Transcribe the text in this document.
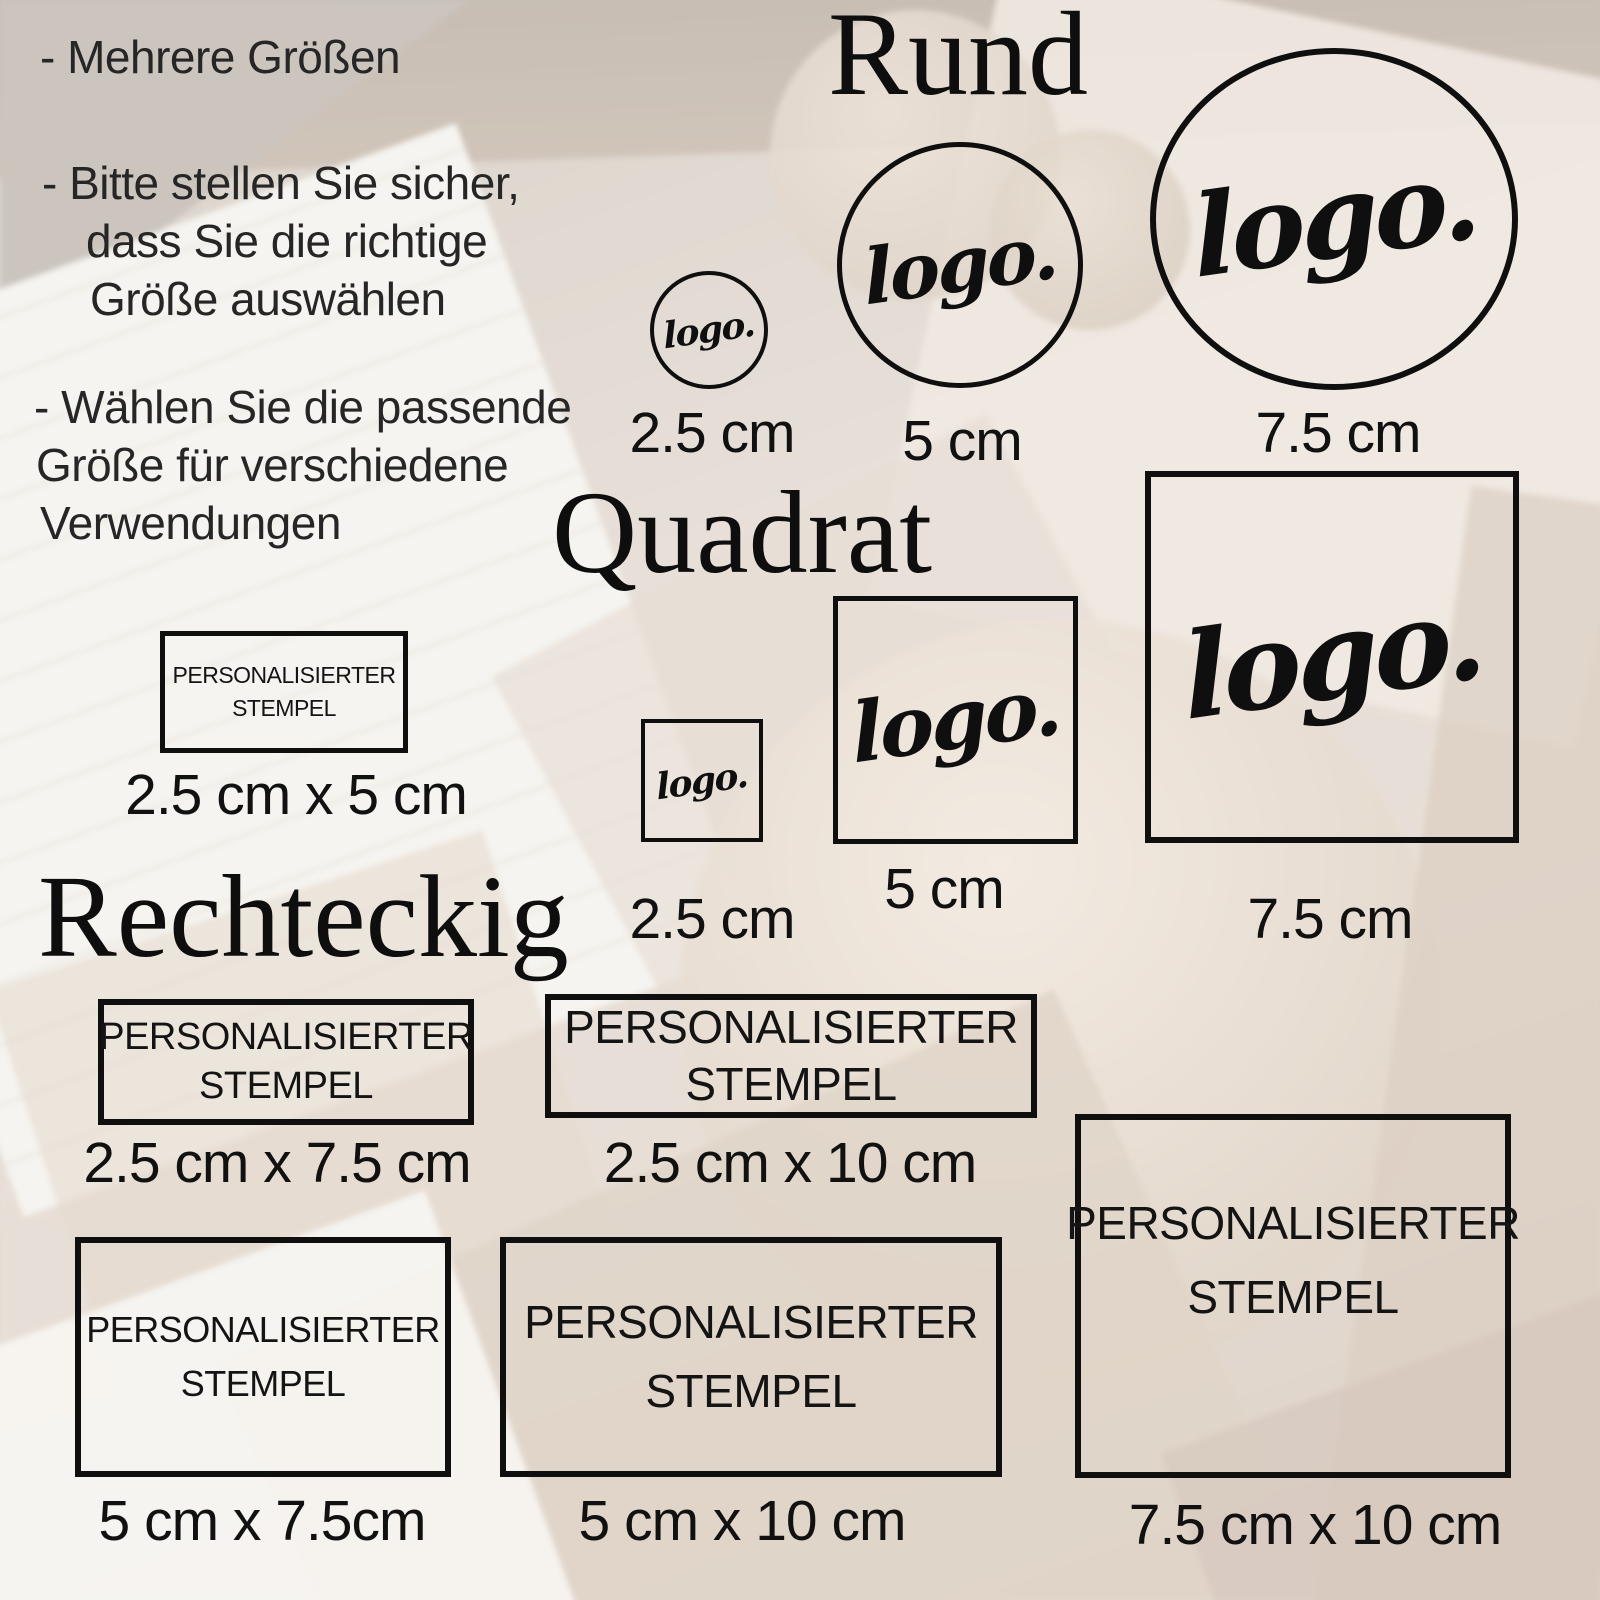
- Mehrere Größen
- Bitte stellen Sie sicher,
dass Sie die richtige
Größe auswählen
- Wählen Sie die passende
Größe für verschiedene
Verwendungen
Rund
logo.
logo. logo.
2.5 cm	5 cm	7.5 cm
Quadrat
logo. logo. logo.
2.5 cm	5 cm	7.5 cm
Rechteckig
PERSONALISIERTER
STEMPEL
2.5 cm x 5 cm
PERSONALISIERTER
STEMPEL
2.5 cm x 7.5 cm
PERSONALISIERTER
STEMPEL
2.5 cm x 10 cm
PERSONALISIERTER
STEMPEL
5 cm x 7.5cm
PERSONALISIERTER
STEMPEL
5 cm x 10 cm
PERSONALISIERTER
STEMPEL
7.5 cm x 10 cm
